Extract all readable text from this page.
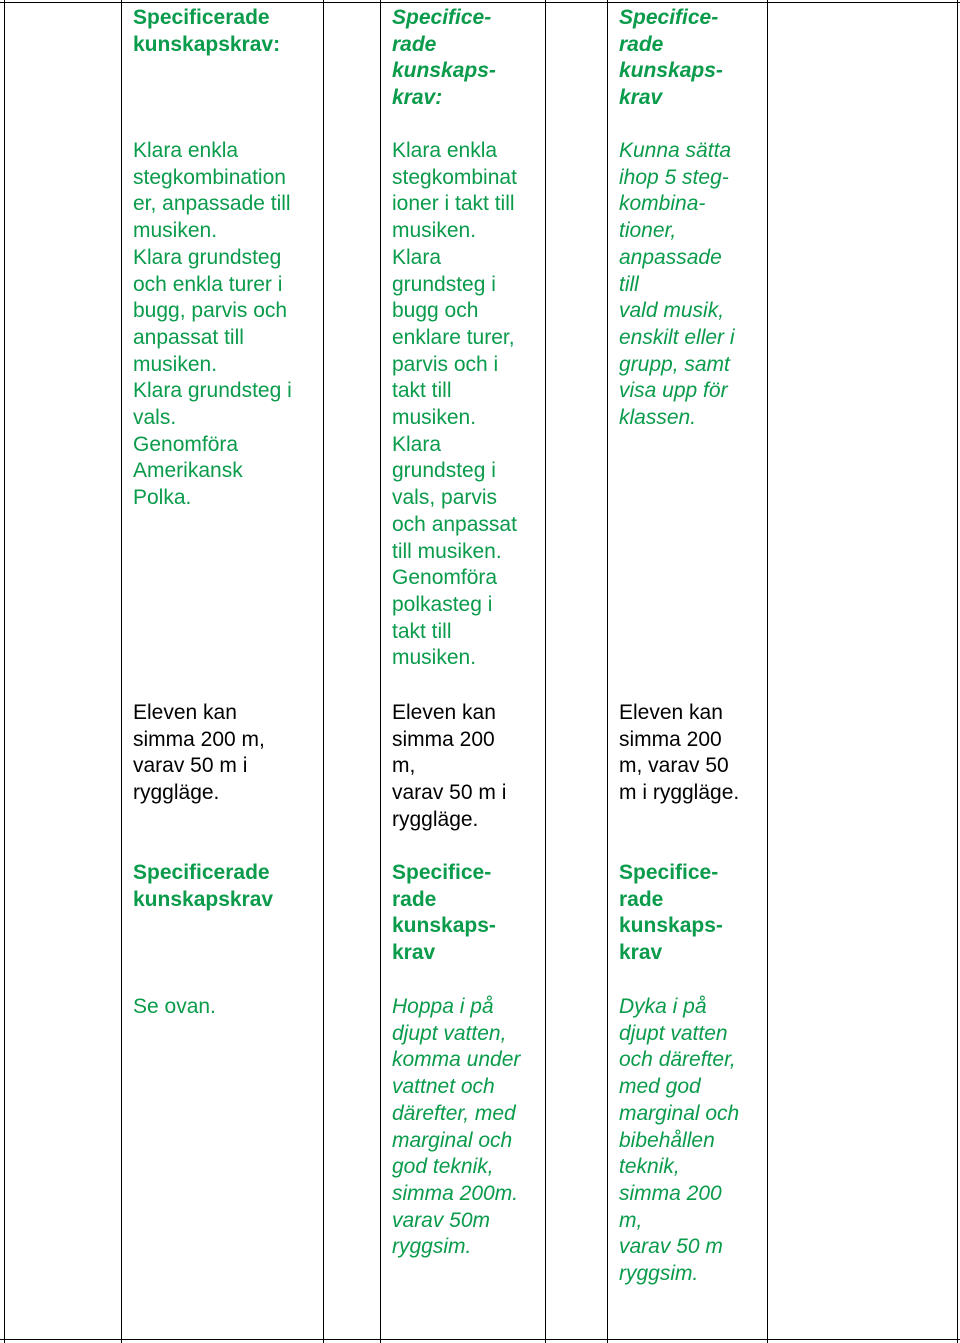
Specificerade
kunskapskrav:
Klara enkla
stegkombination
er, anpassade till
musiken.
Klara grundsteg
och enkla turer i
bugg, parvis och
anpassat till
musiken.
Klara grundsteg i
vals.
Genomföra
Amerikansk
Polka.
Eleven kan
simma 200 m,
varav 50 m i
ryggläge.
Specificerade
kunskapskrav
Se ovan.
Specifice-
rade
kunskaps-
krav:
Klara enkla
stegkombinat
ioner i takt till
musiken.
Klara
grundsteg i
bugg och
enklare turer,
parvis och i
takt till
musiken.
Klara
grundsteg i
vals, parvis
och anpassat
till musiken.
Genomföra
polkasteg i
takt till
musiken.
Eleven kan
simma 200
m,
varav 50 m i
ryggläge.
Specifice-
rade
kunskaps-
krav
Hoppa i på
djupt vatten,
komma under
vattnet och
därefter, med
marginal och
god teknik,
simma 200m.
varav 50m
ryggsim.
Specifice-
rade
kunskaps-
krav
Kunna sätta
ihop 5 steg-
kombina-
tioner,
anpassade
till
vald musik,
enskilt eller i
grupp, samt
visa upp för
klassen.
Eleven kan
simma 200
m, varav 50
m i ryggläge.
Specifice-
rade
kunskaps-
krav
Dyka i på
djupt vatten
och därefter,
med god
marginal och
bibehållen
teknik,
simma 200
m,
varav 50 m
ryggsim.
